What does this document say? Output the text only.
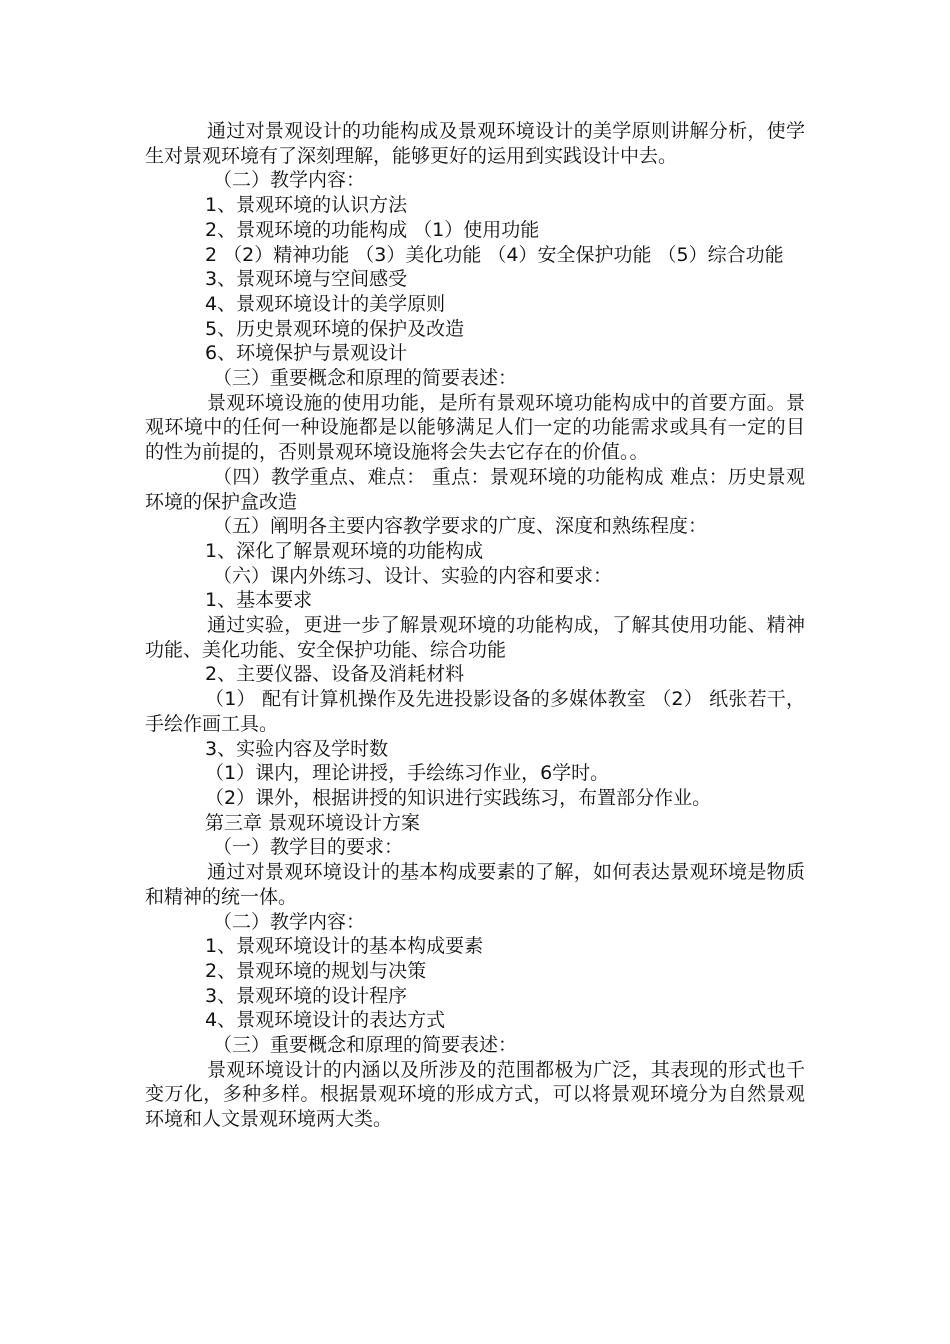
通过对景观设计的功能构成及景观环境设计的美学原则讲解分析，使学生对景观环境有了深刻理解，能够更好的运用到实践设计中去。

（二）教学内容：

1、景观环境的认识方法

2、景观环境的功能构成 （1）使用功能

2 （2）精神功能 （3）美化功能 （4）安全保护功能 （5）综合功能

3、景观环境与空间感受

4、景观环境设计的美学原则

5、历史景观环境的保护及改造

6、环境保护与景观设计

（三）重要概念和原理的简要表述：

景观环境设施的使用功能，是所有景观环境功能构成中的首要方面。景观环境中的任何一种设施都是以能够满足人们一定的功能需求或具有一定的目的性为前提的，否则景观环境设施将会失去它存在的价值。。

（四）教学重点、难点： 重点：景观环境的功能构成 难点：历史景观环境的保护盒改造

（五）阐明各主要内容教学要求的广度、深度和熟练程度：

1、深化了解景观环境的功能构成

（六）课内外练习、设计、实验的内容和要求：

1、基本要求

通过实验，更进一步了解景观环境的功能构成，了解其使用功能、精神功能、美化功能、安全保护功能、综合功能

2、主要仪器、设备及消耗材料

（1） 配有计算机操作及先进投影设备的多媒体教室 （2） 纸张若干，手绘作画工具。

3、实验内容及学时数

（1）课内，理论讲授，手绘练习作业，6学时。

（2）课外，根据讲授的知识进行实践练习，布置部分作业。

第三章 景观环境设计方案

（一）教学目的要求：

通过对景观环境设计的基本构成要素的了解，如何表达景观环境是物质和精神的统一体。

（二）教学内容：

1、景观环境设计的基本构成要素

2、景观环境的规划与决策

3、景观环境的设计程序

4、景观环境设计的表达方式

（三）重要概念和原理的简要表述：

景观环境设计的内涵以及所涉及的范围都极为广泛，其表现的形式也千变万化，多种多样。根据景观环境的形成方式，可以将景观环境分为自然景观环境和人文景观环境两大类。
